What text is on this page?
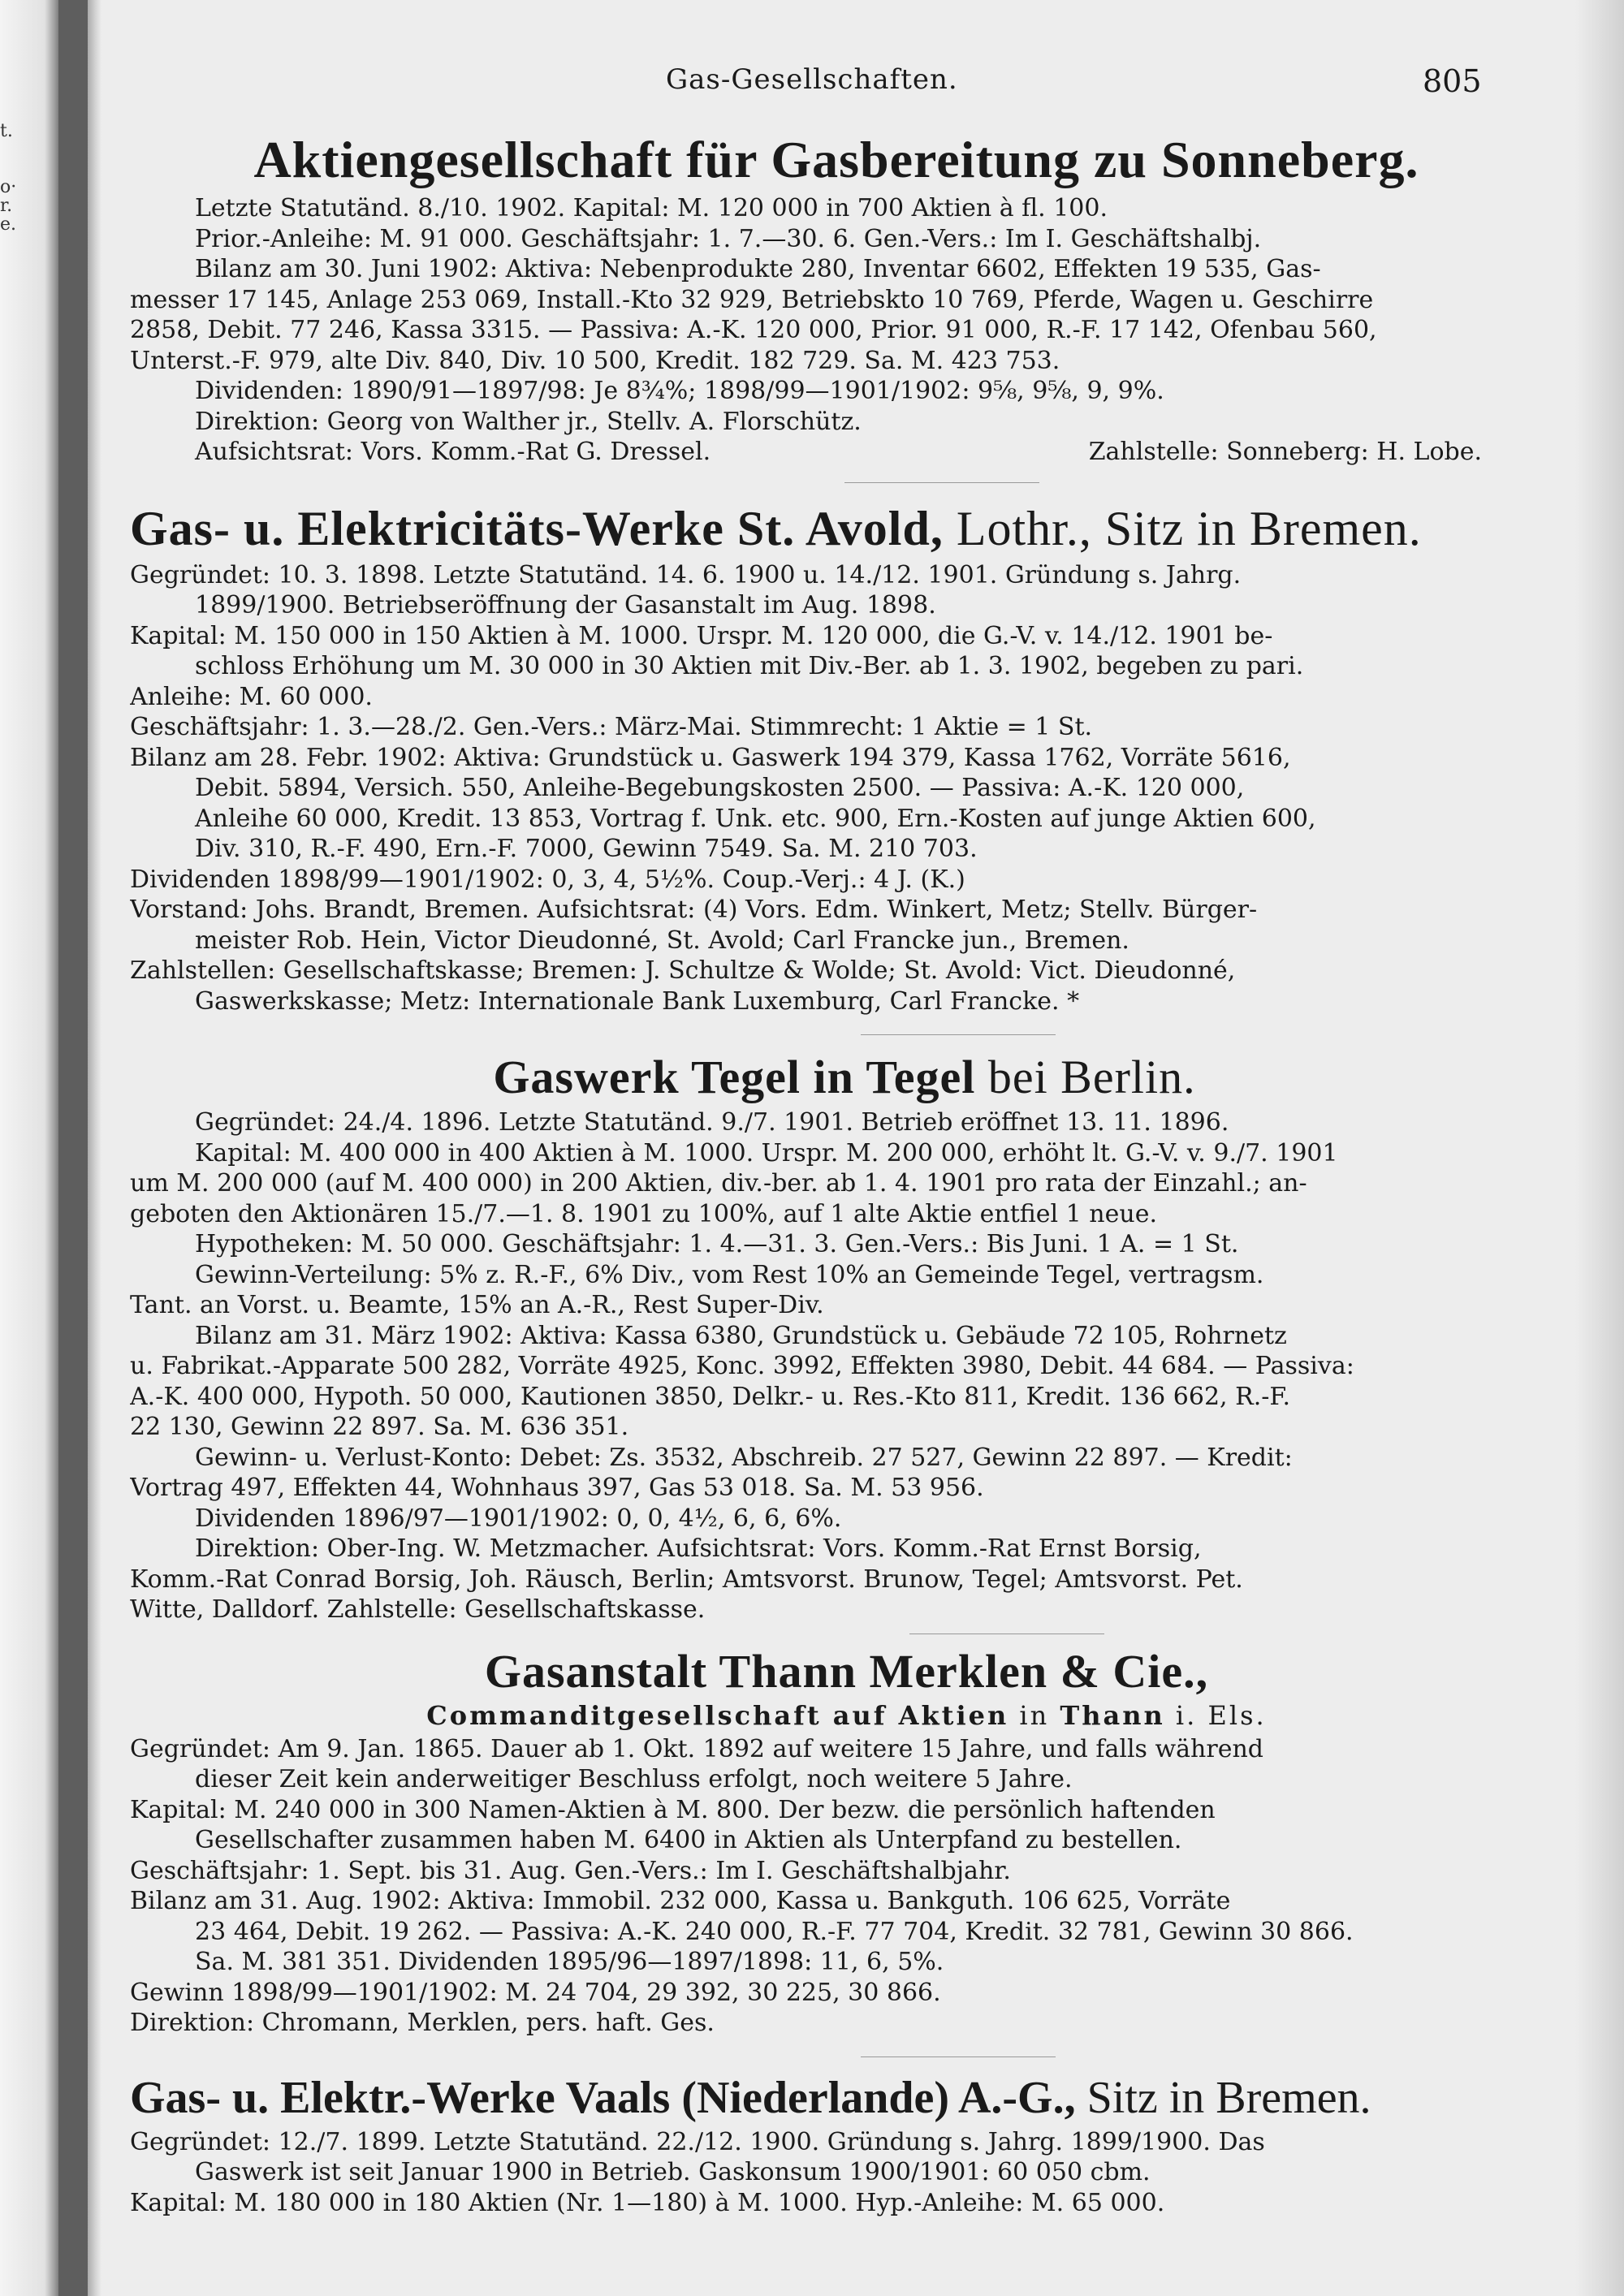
t.
o·
r.
e.
Gas-Gesellschaften.	805
Aktiengesellschaft für Gasbereitung zu Sonneberg.
Letzte Statutänd. 8./10. 1902. Kapital: M. 120 000 in 700 Aktien à fl. 100.
Prior.-Anleihe: M. 91 000. Geschäftsjahr: 1. 7.—30. 6. Gen.-Vers.: Im I. Geschäftshalbj.
Bilanz am 30. Juni 1902: Aktiva: Nebenprodukte 280, Inventar 6602, Effekten 19 535, Gas-
messer 17 145, Anlage 253 069, Install.-Kto 32 929, Betriebskto 10 769, Pferde, Wagen u. Geschirre
2858, Debit. 77 246, Kassa 3315. — Passiva: A.-K. 120 000, Prior. 91 000, R.-F. 17 142, Ofenbau 560,
Unterst.-F. 979, alte Div. 840, Div. 10 500, Kredit. 182 729. Sa. M. 423 753.
Dividenden: 1890/91—1897/98: Je 8¾%; 1898/99—1901/1902: 9⅝, 9⅝, 9, 9%.
Direktion: Georg von Walther jr., Stellv. A. Florschütz.
Aufsichtsrat: Vors. Komm.-Rat G. Dressel.	Zahlstelle: Sonneberg: H. Lobe.
Gas- u. Elektricitäts-Werke St. Avold, Lothr., Sitz in Bremen.
Gegründet: 10. 3. 1898. Letzte Statutänd. 14. 6. 1900 u. 14./12. 1901. Gründung s. Jahrg.
1899/1900. Betriebseröffnung der Gasanstalt im Aug. 1898.
Kapital: M. 150 000 in 150 Aktien à M. 1000. Urspr. M. 120 000, die G.-V. v. 14./12. 1901 be-
schloss Erhöhung um M. 30 000 in 30 Aktien mit Div.-Ber. ab 1. 3. 1902, begeben zu pari.
Anleihe: M. 60 000.
Geschäftsjahr: 1. 3.—28./2. Gen.-Vers.: März-Mai. Stimmrecht: 1 Aktie = 1 St.
Bilanz am 28. Febr. 1902: Aktiva: Grundstück u. Gaswerk 194 379, Kassa 1762, Vorräte 5616,
Debit. 5894, Versich. 550, Anleihe-Begebungskosten 2500. — Passiva: A.-K. 120 000,
Anleihe 60 000, Kredit. 13 853, Vortrag f. Unk. etc. 900, Ern.-Kosten auf junge Aktien 600,
Div. 310, R.-F. 490, Ern.-F. 7000, Gewinn 7549. Sa. M. 210 703.
Dividenden 1898/99—1901/1902: 0, 3, 4, 5½%. Coup.-Verj.: 4 J. (K.)
Vorstand: Johs. Brandt, Bremen. Aufsichtsrat: (4) Vors. Edm. Winkert, Metz; Stellv. Bürger-
meister Rob. Hein, Victor Dieudonné, St. Avold; Carl Francke jun., Bremen.
Zahlstellen: Gesellschaftskasse; Bremen: J. Schultze & Wolde; St. Avold: Vict. Dieudonné,
Gaswerkskasse; Metz: Internationale Bank Luxemburg, Carl Francke. *
Gaswerk Tegel in Tegel bei Berlin.
Gegründet: 24./4. 1896. Letzte Statutänd. 9./7. 1901. Betrieb eröffnet 13. 11. 1896.
Kapital: M. 400 000 in 400 Aktien à M. 1000. Urspr. M. 200 000, erhöht lt. G.-V. v. 9./7. 1901
um M. 200 000 (auf M. 400 000) in 200 Aktien, div.-ber. ab 1. 4. 1901 pro rata der Einzahl.; an-
geboten den Aktionären 15./7.—1. 8. 1901 zu 100%, auf 1 alte Aktie entfiel 1 neue.
Hypotheken: M. 50 000. Geschäftsjahr: 1. 4.—31. 3. Gen.-Vers.: Bis Juni. 1 A. = 1 St.
Gewinn-Verteilung: 5% z. R.-F., 6% Div., vom Rest 10% an Gemeinde Tegel, vertragsm.
Tant. an Vorst. u. Beamte, 15% an A.-R., Rest Super-Div.
Bilanz am 31. März 1902: Aktiva: Kassa 6380, Grundstück u. Gebäude 72 105, Rohrnetz
u. Fabrikat.-Apparate 500 282, Vorräte 4925, Konc. 3992, Effekten 3980, Debit. 44 684. — Passiva:
A.-K. 400 000, Hypoth. 50 000, Kautionen 3850, Delkr.- u. Res.-Kto 811, Kredit. 136 662, R.-F.
22 130, Gewinn 22 897. Sa. M. 636 351.
Gewinn- u. Verlust-Konto: Debet: Zs. 3532, Abschreib. 27 527, Gewinn 22 897. — Kredit:
Vortrag 497, Effekten 44, Wohnhaus 397, Gas 53 018. Sa. M. 53 956.
Dividenden 1896/97—1901/1902: 0, 0, 4½, 6, 6, 6%.
Direktion: Ober-Ing. W. Metzmacher. Aufsichtsrat: Vors. Komm.-Rat Ernst Borsig,
Komm.-Rat Conrad Borsig, Joh. Räusch, Berlin; Amtsvorst. Brunow, Tegel; Amtsvorst. Pet.
Witte, Dalldorf. Zahlstelle: Gesellschaftskasse.
Gasanstalt Thann Merklen & Cie.,
Commanditgesellschaft auf Aktien in Thann i. Els.
Gegründet: Am 9. Jan. 1865. Dauer ab 1. Okt. 1892 auf weitere 15 Jahre, und falls während
dieser Zeit kein anderweitiger Beschluss erfolgt, noch weitere 5 Jahre.
Kapital: M. 240 000 in 300 Namen-Aktien à M. 800. Der bezw. die persönlich haftenden
Gesellschafter zusammen haben M. 6400 in Aktien als Unterpfand zu bestellen.
Geschäftsjahr: 1. Sept. bis 31. Aug. Gen.-Vers.: Im I. Geschäftshalbjahr.
Bilanz am 31. Aug. 1902: Aktiva: Immobil. 232 000, Kassa u. Bankguth. 106 625, Vorräte
23 464, Debit. 19 262. — Passiva: A.-K. 240 000, R.-F. 77 704, Kredit. 32 781, Gewinn 30 866.
Sa. M. 381 351. Dividenden 1895/96—1897/1898: 11, 6, 5%.
Gewinn 1898/99—1901/1902: M. 24 704, 29 392, 30 225, 30 866.
Direktion: Chromann, Merklen, pers. haft. Ges.
Gas- u. Elektr.-Werke Vaals (Niederlande) A.-G., Sitz in Bremen.
Gegründet: 12./7. 1899. Letzte Statutänd. 22./12. 1900. Gründung s. Jahrg. 1899/1900. Das
Gaswerk ist seit Januar 1900 in Betrieb. Gaskonsum 1900/1901: 60 050 cbm.
Kapital: M. 180 000 in 180 Aktien (Nr. 1—180) à M. 1000. Hyp.-Anleihe: M. 65 000.
